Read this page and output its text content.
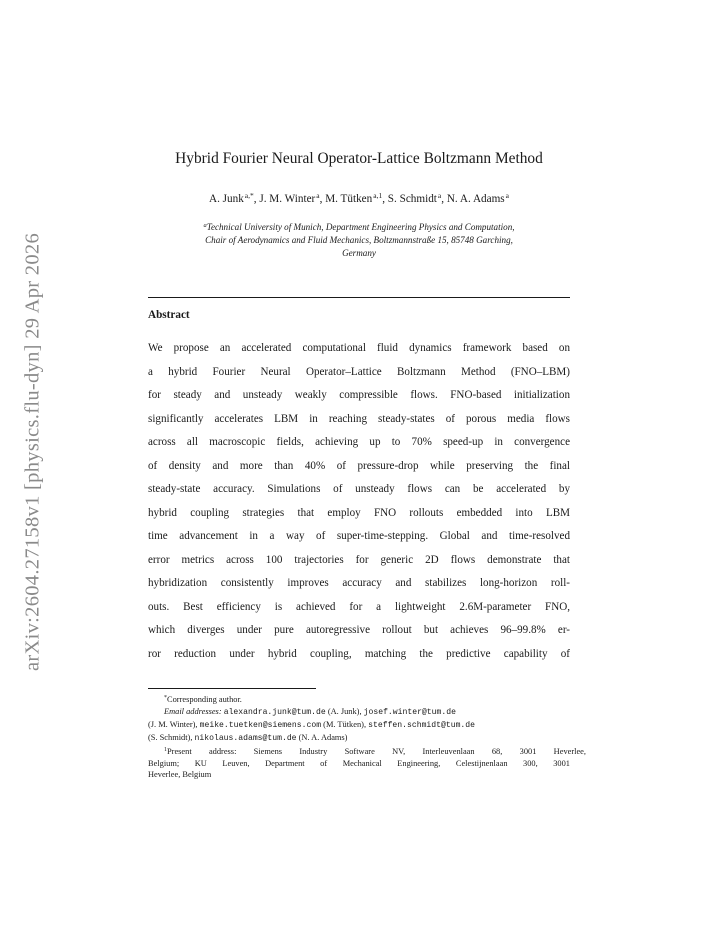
arXiv:2604.27158v1 [physics.flu-dyn] 29 Apr 2026
Hybrid Fourier Neural Operator-Lattice Boltzmann Method
A. Junk$^{a,*}$, J. M. Winter$^a$, M. Tütken$^{a,1}$, S. Schmidt$^a$, N. A. Adams$^a$
$^a$Technical University of Munich, Department Engineering Physics and Computation,
Chair of Aerodynamics and Fluid Mechanics, Boltzmannstraße 15, 85748 Garching,
Germany
Abstract
We propose an accelerated computational fluid dynamics framework based on
a hybrid Fourier Neural Operator–Lattice Boltzmann Method (FNO–LBM)
for steady and unsteady weakly compressible flows. FNO-based initialization
significantly accelerates LBM in reaching steady-states of porous media flows
across all macroscopic fields, achieving up to 70% speed-up in convergence
of density and more than 40% of pressure-drop while preserving the final
steady-state accuracy. Simulations of unsteady flows can be accelerated by
hybrid coupling strategies that employ FNO rollouts embedded into LBM
time advancement in a way of super-time-stepping. Global and time-resolved
error metrics across 100 trajectories for generic 2D flows demonstrate that
hybridization consistently improves accuracy and stabilizes long-horizon roll-
outs. Best efficiency is achieved for a lightweight 2.6M-parameter FNO,
which diverges under pure autoregressive rollout but achieves 96–99.8% er-
ror reduction under hybrid coupling, matching the predictive capability of
*Corresponding author.
Email addresses: alexandra.junk@tum.de (A. Junk), josef.winter@tum.de
(J. M. Winter), meike.tuetken@siemens.com (M. Tütken), steffen.schmidt@tum.de
(S. Schmidt), nikolaus.adams@tum.de (N. A. Adams)
$^1$Present address: Siemens Industry Software NV, Interleuvenlaan 68, 3001 Heverlee,
Belgium; KU Leuven, Department of Mechanical Engineering, Celestijnenlaan 300, 3001
Heverlee, Belgium
